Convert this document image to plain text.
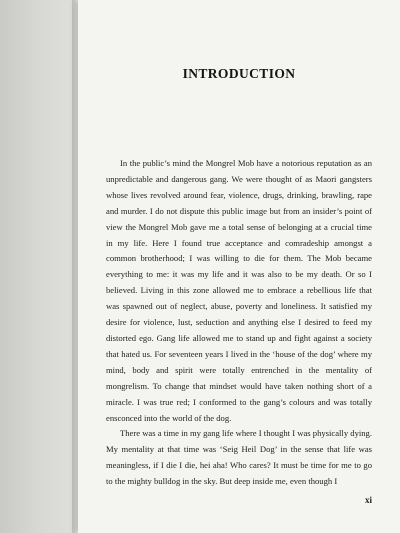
INTRODUCTION

In the public’s mind the Mongrel Mob have a notorious reputation as an unpredictable and dangerous gang. We were thought of as Maori gangsters whose lives revolved around fear, violence, drugs, drinking, brawling, rape and murder. I do not dispute this public image but from an insider’s point of view the Mongrel Mob gave me a total sense of belonging at a crucial time in my life. Here I found true acceptance and comradeship amongst a common brotherhood; I was willing to die for them. The Mob became everything to me: it was my life and it was also to be my death. Or so I believed. Living in this zone allowed me to embrace a rebellious life that was spawned out of neglect, abuse, poverty and loneliness. It satisfied my desire for violence, lust, seduction and anything else I desired to feed my distorted ego. Gang life allowed me to stand up and fight against a society that hated us. For seventeen years I lived in the ‘house of the dog’ where my mind, body and spirit were totally entrenched in the mentality of mongrelism. To change that mindset would have taken nothing short of a miracle. I was true red; I conformed to the gang’s colours and was totally ensconced into the world of the dog.

There was a time in my gang life where I thought I was physically dying. My mentality at that time was ‘Seig Heil Dog’ in the sense that life was meaningless, if I die I die, hei aha! Who cares? It must be time for me to go to the mighty bulldog in the sky. But deep inside me, even though I

xi
